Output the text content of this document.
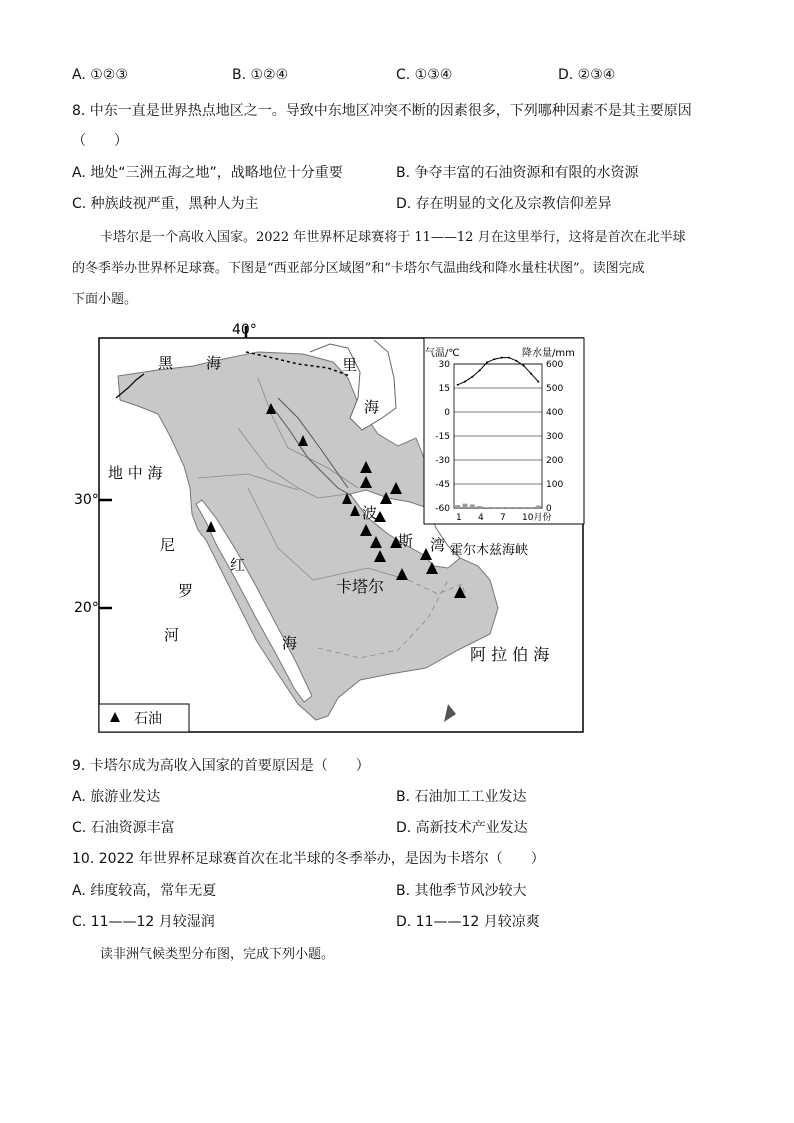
A. ①②③	B. ①②④	C. ①③④	D. ②③④
8. 中东一直是世界热点地区之一。导致中东地区冲突不断的因素很多，下列哪种因素不是其主要原因
（　　）
A. 地处“三洲五海之地”，战略地位十分重要	B. 争夺丰富的石油资源和有限的水资源
C. 种族歧视严重，黑种人为主	D. 存在明显的文化及宗教信仰差异
卡塔尔是一个高收入国家。2022 年世界杯足球赛将于 11——12 月在这里举行，这将是首次在北半球
的冬季举办世界杯足球赛。下图是“西亚部分区域图”和“卡塔尔气温曲线和降水量柱状图”。读图完成
下面小题。
40°
30°
20°
黑 海	里
海
地 中 海
尼
罗
河
红
海
波
斯 湾 霍尔木兹海峡
卡塔尔
阿 拉 伯 海
石油
气温/℃	降水量/mm
30	600
15	500
0	400
-15	300
-30	200
-45	100
-60	0
1 4 7 10月份
9. 卡塔尔成为高收入国家的首要原因是（　　）
A. 旅游业发达	B. 石油加工工业发达
C. 石油资源丰富	D. 高新技术产业发达
10. 2022 年世界杯足球赛首次在北半球的冬季举办，是因为卡塔尔（　　）
A. 纬度较高，常年无夏	B. 其他季节风沙较大
C. 11——12 月较湿润	D. 11——12 月较凉爽
读非洲气候类型分布图，完成下列小题。
